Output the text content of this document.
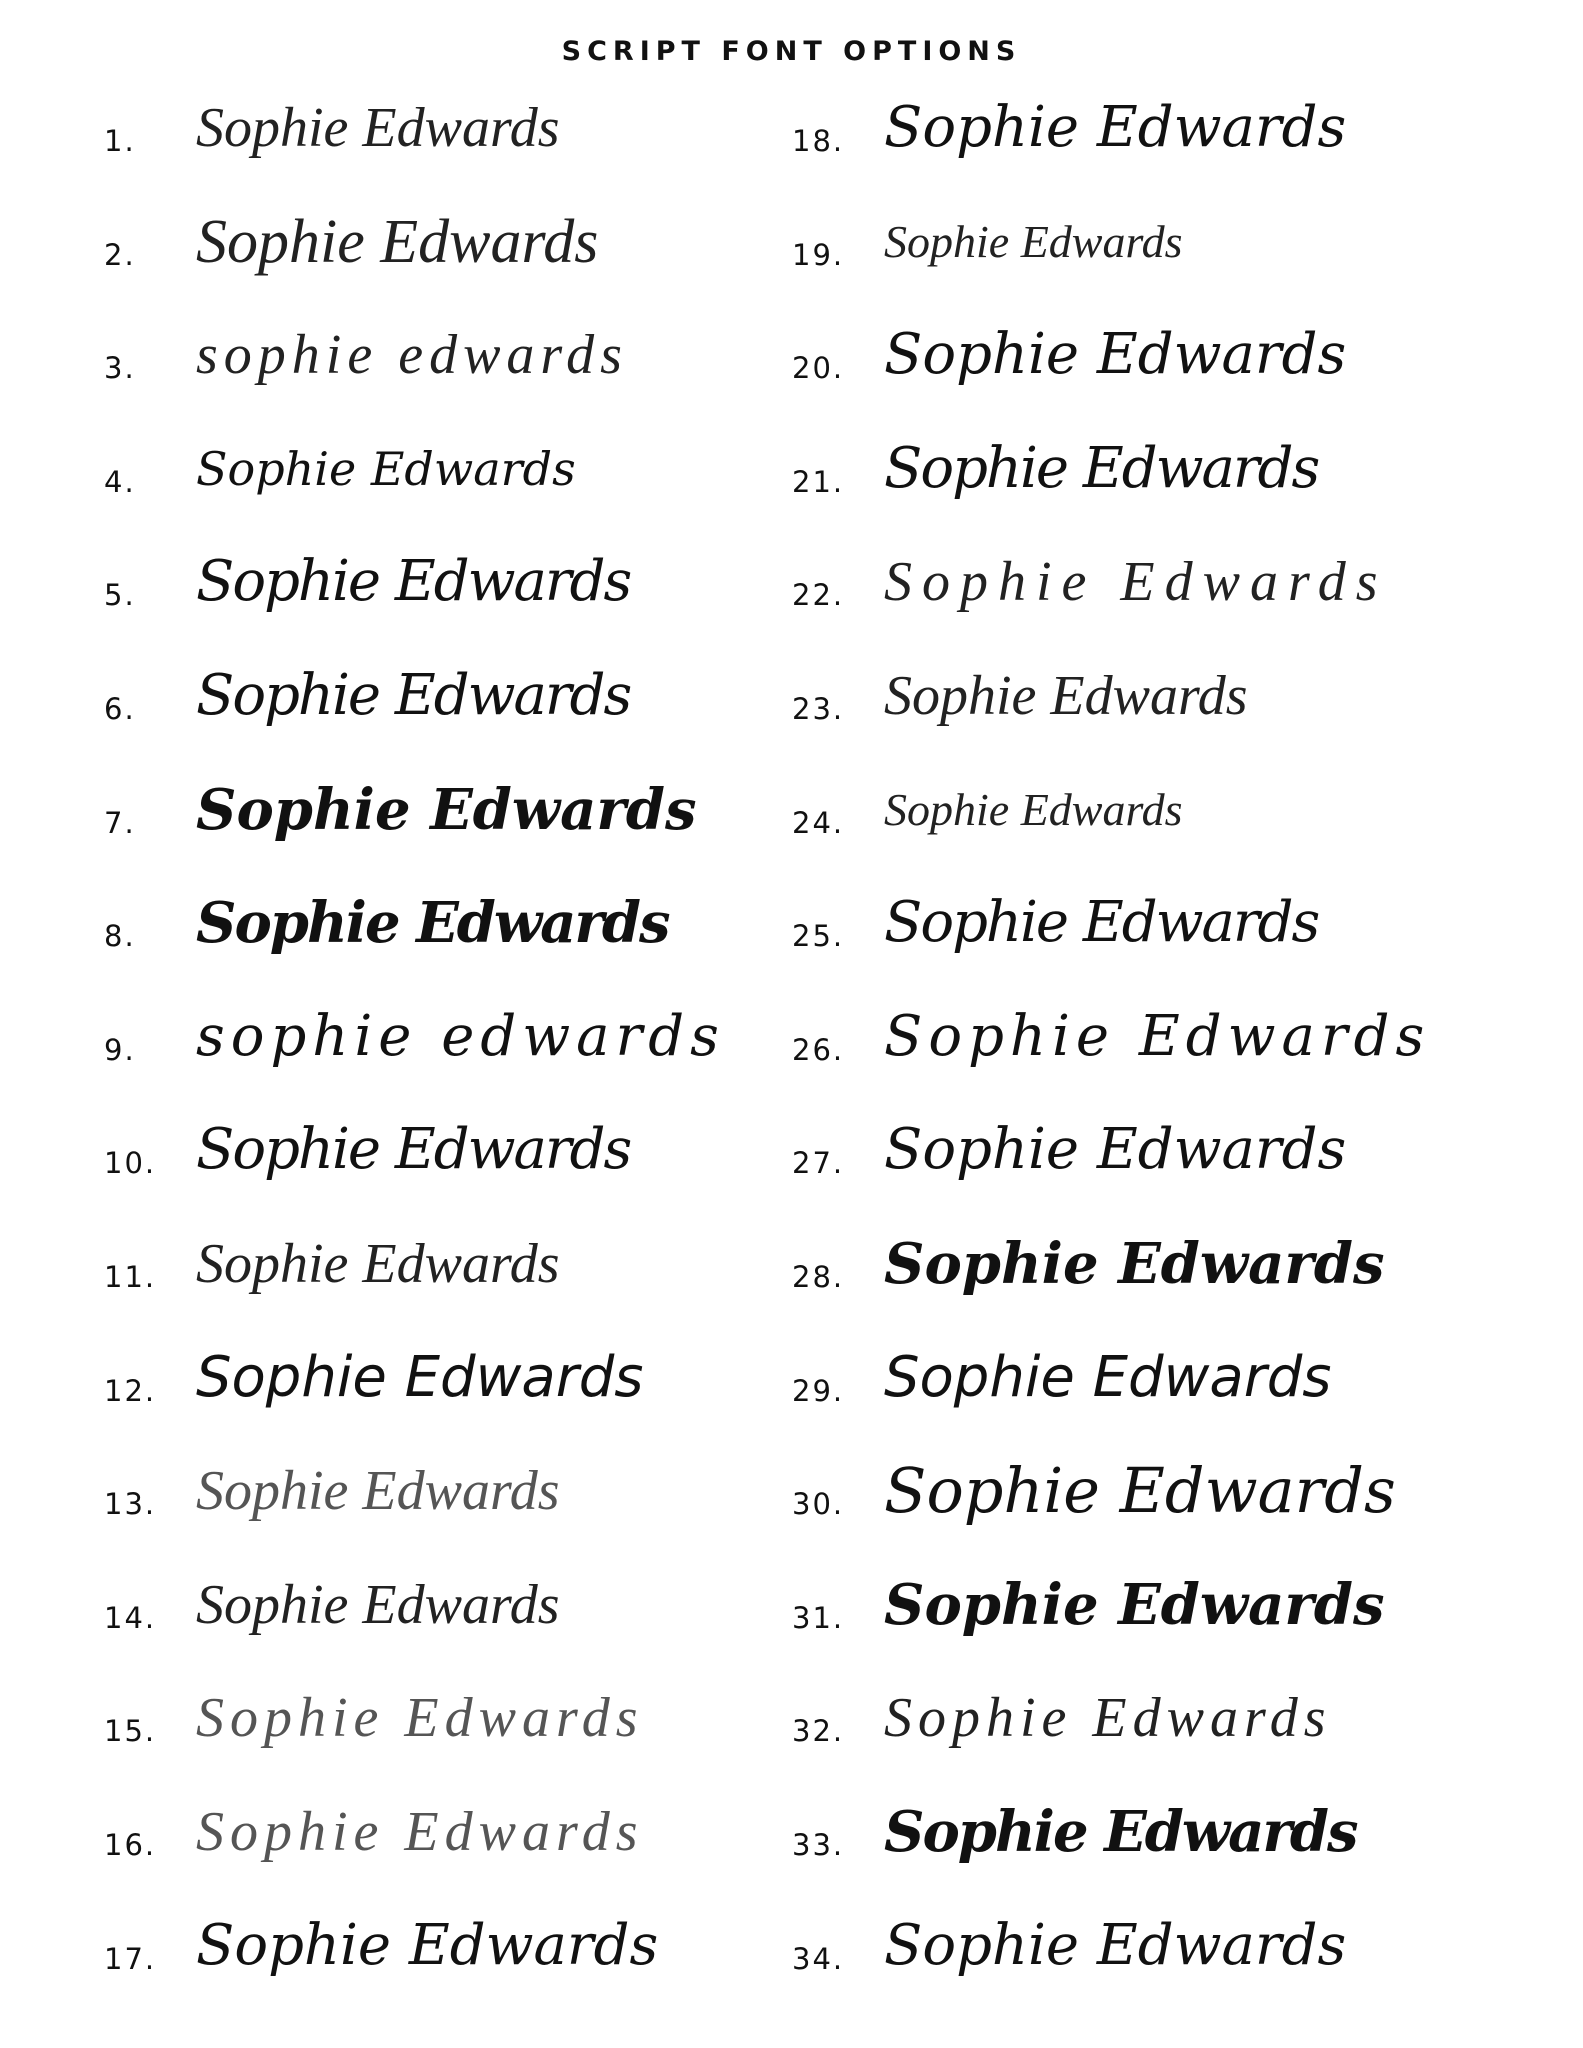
SCRIPT FONT OPTIONS
1. Sophie Edwards
2. Sophie Edwards
3. sophie edwards
4. Sophie Edwards
5. Sophie Edwards
6. Sophie Edwards
7. Sophie Edwards
8. Sophie Edwards
9. sophie edwards
10. Sophie Edwards
11. Sophie Edwards
12. Sophie Edwards
13. Sophie Edwards
14. Sophie Edwards
15. Sophie Edwards
16. Sophie Edwards
17. Sophie Edwards
18. Sophie Edwards
19. Sophie Edwards
20. Sophie Edwards
21. Sophie Edwards
22. Sophie Edwards
23. Sophie Edwards
24. Sophie Edwards
25. Sophie Edwards
26. Sophie Edwards
27. Sophie Edwards
28. Sophie Edwards
29. Sophie Edwards
30. Sophie Edwards
31. Sophie Edwards
32. Sophie Edwards
33. Sophie Edwards
34. Sophie Edwards
